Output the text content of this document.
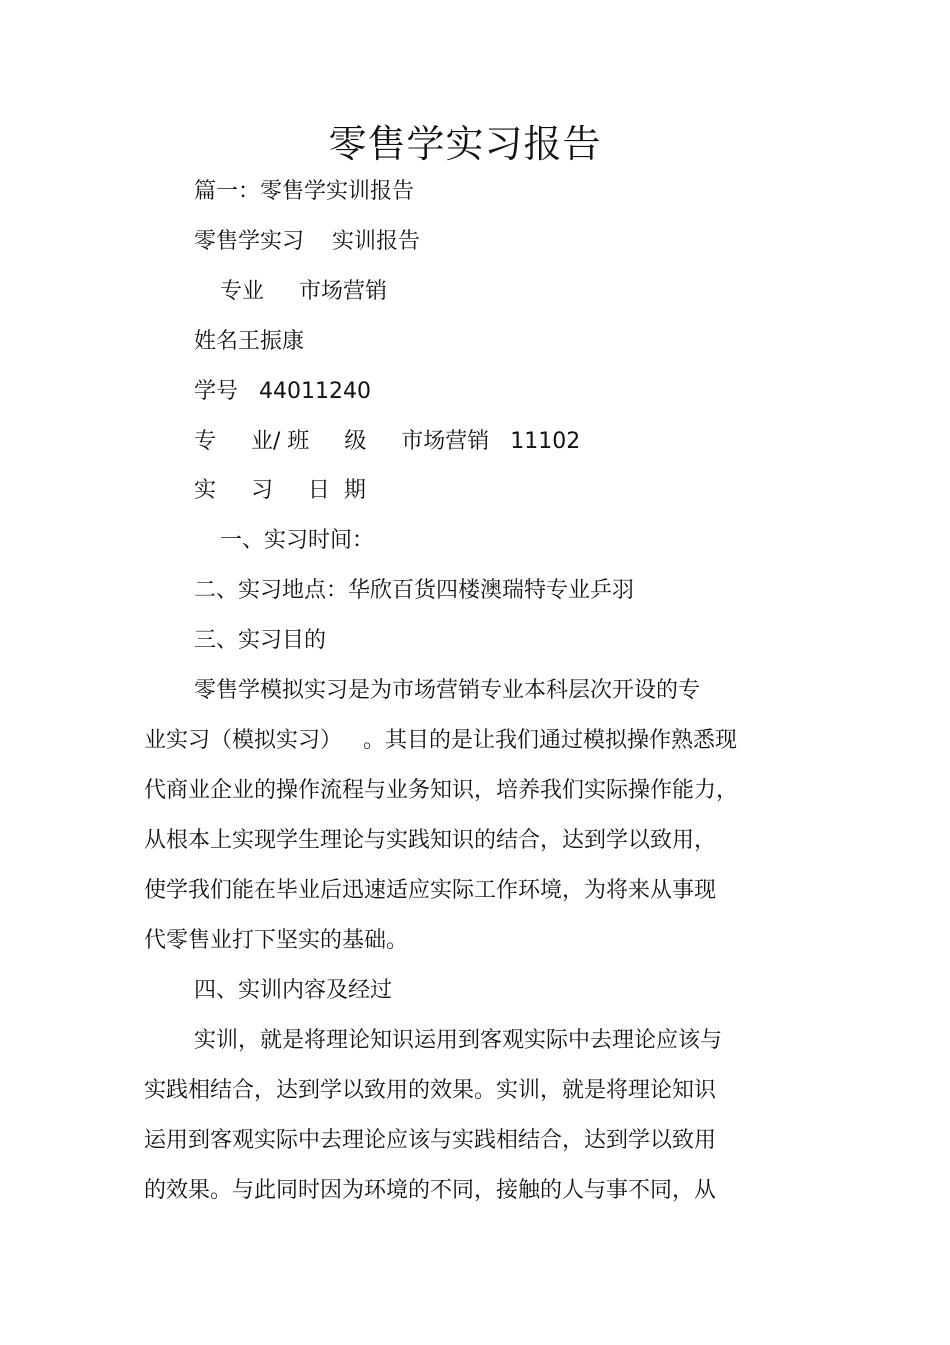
零售学实习报告
篇一：零售学实训报告
零售学实习    实训报告
专业     市场营销
姓名王振康
学号   44011240
专     业/ 班     级     市场营销   11102
实     习     日  期
一、实习时间：
二、实习地点：华欣百货四楼澳瑞特专业乒羽
三、实习目的
零售学模拟实习是为市场营销专业本科层次开设的专
业实习（模拟实习）   。其目的是让我们通过模拟操作熟悉现
代商业企业的操作流程与业务知识，培养我们实际操作能力，
从根本上实现学生理论与实践知识的结合，达到学以致用，
使学我们能在毕业后迅速适应实际工作环境，为将来从事现
代零售业打下坚实的基础。
四、实训内容及经过
实训，就是将理论知识运用到客观实际中去理论应该与
实践相结合，达到学以致用的效果。实训，就是将理论知识
运用到客观实际中去理论应该与实践相结合，达到学以致用
的效果。与此同时因为环境的不同，接触的人与事不同，从
